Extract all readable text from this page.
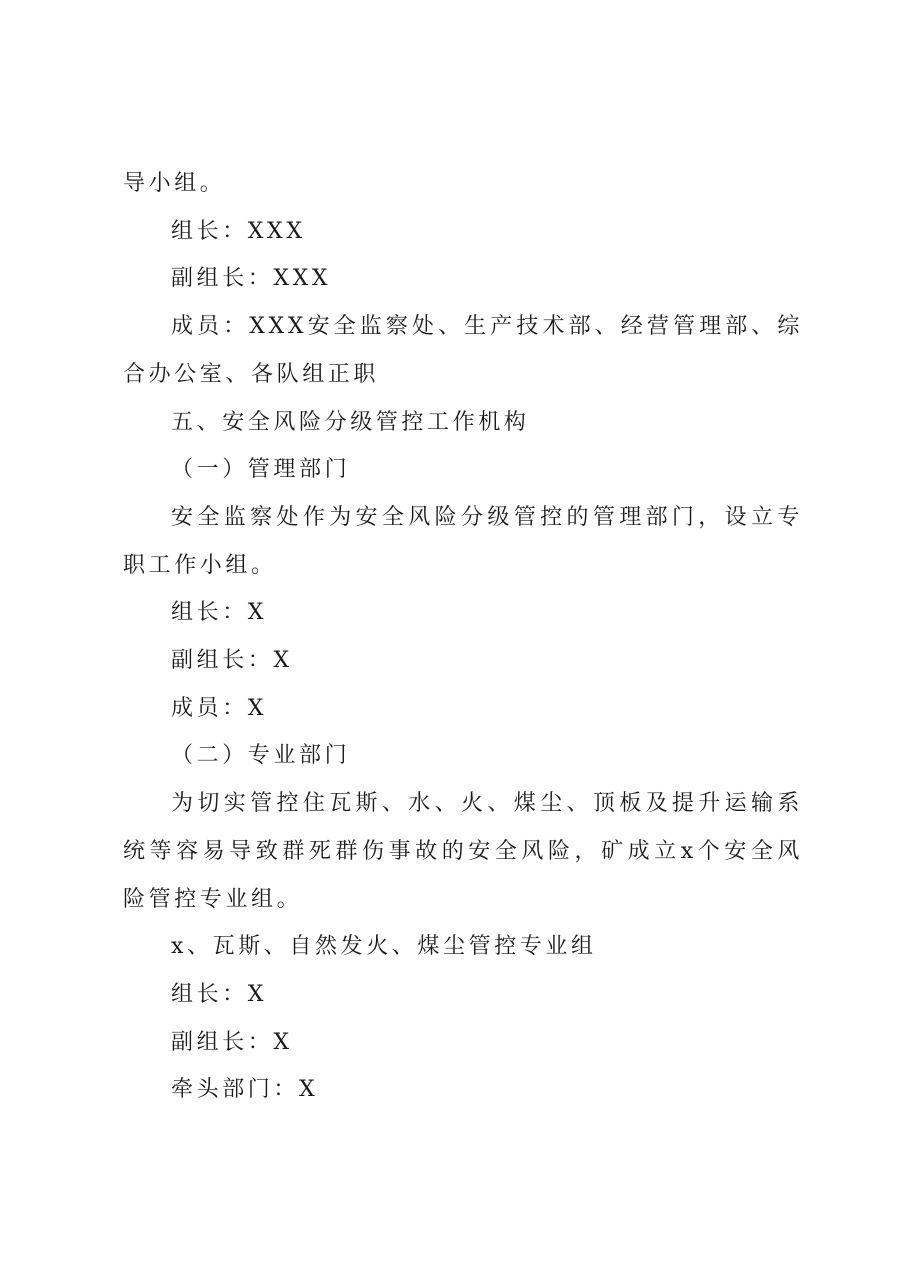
导小组。

组长：XXX

副组长：XXX

成员：XXX安全监察处、生产技术部、经营管理部、综合办公室、各队组正职

五、安全风险分级管控工作机构

（一）管理部门

安全监察处作为安全风险分级管控的管理部门，设立专职工作小组。

组长：X

副组长：X

成员：X

（二）专业部门

为切实管控住瓦斯、水、火、煤尘、顶板及提升运输系统等容易导致群死群伤事故的安全风险，矿成立x个安全风险管控专业组。

x、瓦斯、自然发火、煤尘管控专业组

组长：X

副组长：X

牵头部门：X
